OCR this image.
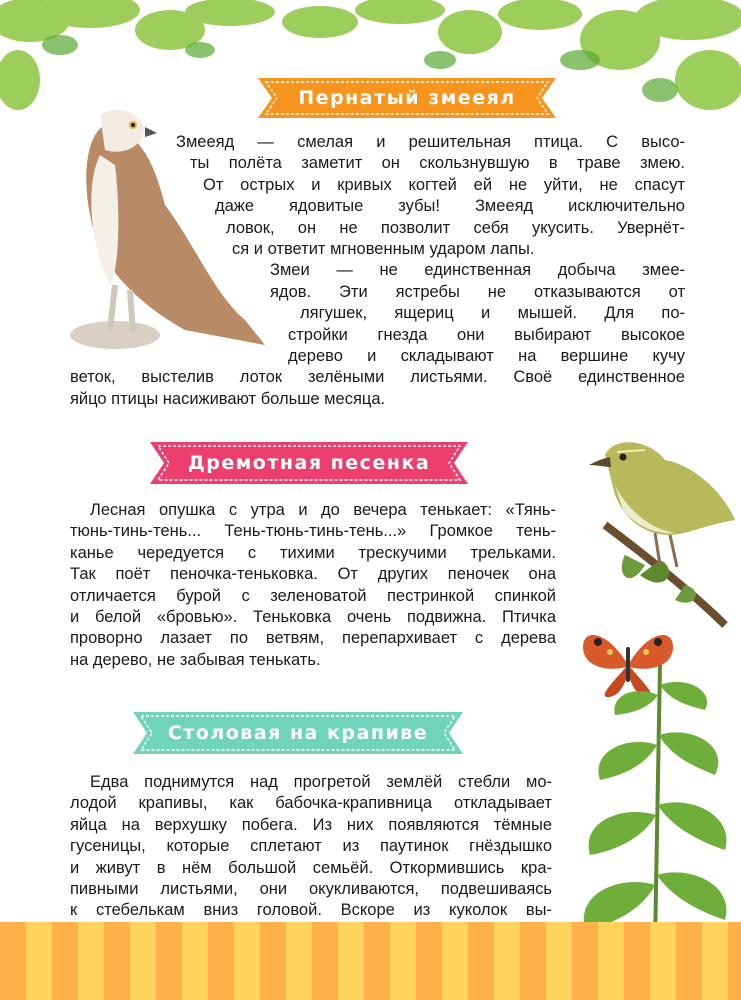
Пернатый змееял
Змееяд — смелая и решительная птица. С высо-
ты полёта заметит он скользнувшую в траве змею.
От острых и кривых когтей ей не уйти, не спасут
даже ядовитые зубы! Змееяд исключительно
ловок, он не позволит себя укусить. Увернёт-
ся и ответит мгновенным ударом лапы.
Змеи — не единственная добыча змее-
ядов. Эти ястребы не отказываются от
лягушек, ящериц и мышей. Для по-
стройки гнезда они выбирают высокое
дерево и складывают на вершине кучу
веток, выстелив лоток зелёными листьями. Своё единственное
яйцо птицы насиживают больше месяца.
Дремотная песенка
Лесная опушка с утра и до вечера тенькает: «Тянь-
тюнь-тинь-тень... Тень-тюнь-тинь-тень...» Громкое тень-
канье чередуется с тихими трескучими трельками.
Так поёт пеночка-теньковка. От других пеночек она
отличается бурой с зеленоватой пестринкой спинкой
и белой «бровью». Теньковка очень подвижна. Птичка
проворно лазает по ветвям, перепархивает с дерева
на дерево, не забывая тенькать.
Столовая на крапиве
Едва поднимутся над прогретой землёй стебли мо-
лодой крапивы, как бабочка-крапивница откладывает
яйца на верхушку побега. Из них появляются тёмные
гусеницы, которые сплетают из паутинок гнёздышко
и живут в нём большой семьёй. Откормившись кра-
пивными листьями, они окукливаются, подвешиваясь
к стебелькам вниз головой. Вскоре из куколок вы-
